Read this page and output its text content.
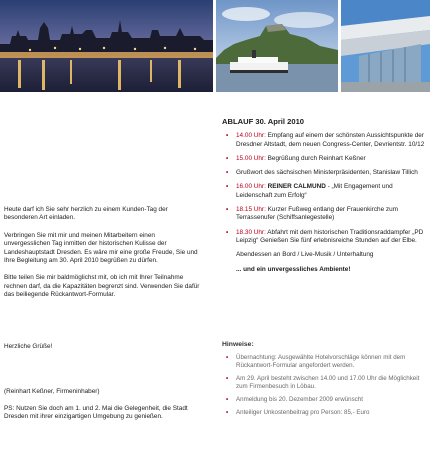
Heute darf ich Sie sehr herzlich zu einem Kunden-Tag der besonderen Art einladen.

Verbringen Sie mit mir und meinen Mitarbeitern einen unvergesslichen Tag inmitten der historischen Kulisse der Landeshauptstadt Dresden. Es wäre mir eine große Freude, Sie und Ihre Begleitung am 30. April 2010 begrüßen zu dürfen.

Bitte teilen Sie mir baldmöglichst mit, ob ich mit Ihrer Teilnahme rechnen darf, da die Kapazitäten begrenzt sind. Verwenden Sie dafür das beiliegende Rückantwort-Formular.

Herzliche Grüße!
(Reinhart Keßner, Firmeninhaber)
PS: Nutzen Sie doch am 1. und 2. Mai die Gelegenheit, die Stadt Dresden mit ihrer einzigartigen Umgebung zu genießen.
ABLAUF 30. April 2010
• 14.00 Uhr: Empfang auf einem der schönsten Aussichtspunkte der Dresdner Altstadt, dem neuen Congress-Center, Devrientstr. 10/12
• 15.00 Uhr: Begrüßung durch Reinhart Keßner
• Grußwort des sächsischen Ministerpräsidenten, Stanislaw Tillich
• 16.00 Uhr: REINER CALMUND - „Mit Engagement und Leidenschaft zum Erfolg“
• 18.15 Uhr: Kurzer Fußweg entlang der Frauenkirche zum Terrassenufer (Schiffsanlegestelle)
• 18.30 Uhr: Abfahrt mit dem historischen Traditionsraddampfer „PD Leipzig“ Genießen Sie fünf erlebnisreiche Stunden auf der Elbe.
Abendessen an Bord / Live-Musik / Unterhaltung
... und ein unvergessliches Ambiente!
Hinweise:
• Übernachtung: Ausgewählte Hotelvorschläge können mit dem Rückantwort-Formular angefordert werden.
• Am 29. April besteht zwischen 14.00 und 17.00 Uhr die Möglichkeit zum Firmenbesuch in Löbau.
• Anmeldung bis 20. Dezember 2009 erwünscht
• Anteiliger Unkostenbeitrag pro Person: 85,- Euro
